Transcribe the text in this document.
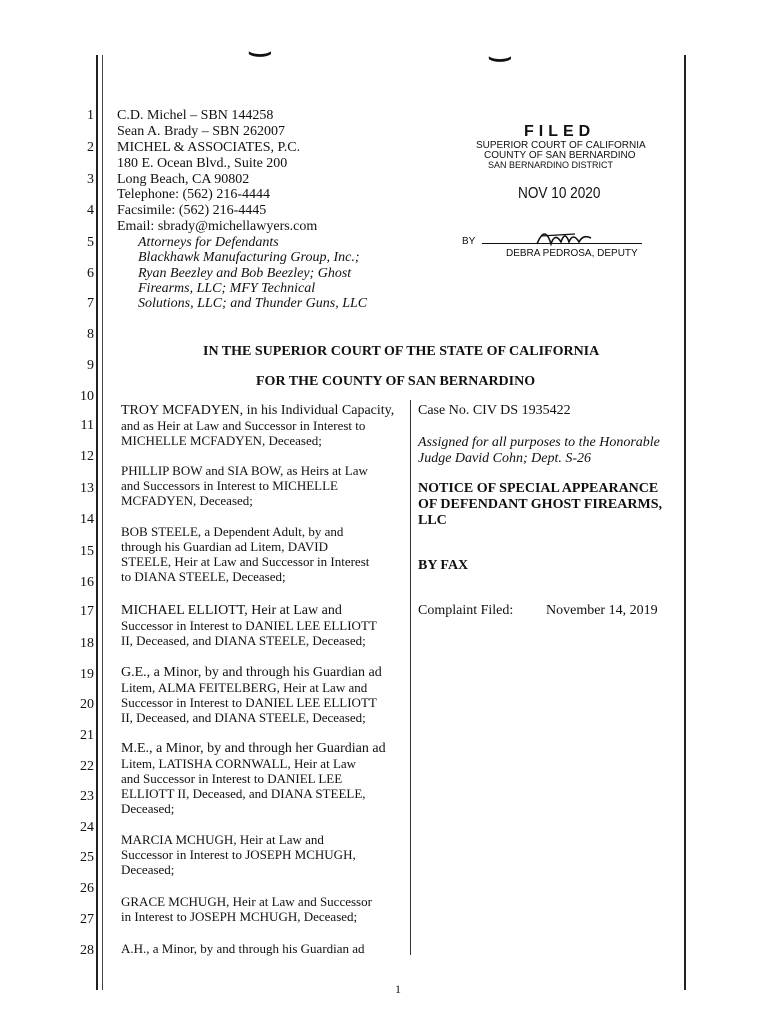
⌣	⌣
1
2
3
4
5
6
7
8
9
10
11
12
13
14
15
16
17
18
19
20
21
22
23
24
25
26
27
28
C.D. Michel – SBN 144258
Sean A. Brady – SBN 262007
MICHEL & ASSOCIATES, P.C.
180 E. Ocean Blvd., Suite 200
Long Beach, CA 90802
Telephone: (562) 216-4444
Facsimile: (562) 216-4445
Email: sbrady@michellawyers.com
Attorneys for Defendants
Blackhawk Manufacturing Group, Inc.;
Ryan Beezley and Bob Beezley; Ghost
Firearms, LLC; MFY Technical
Solutions, LLC; and Thunder Guns, LLC
FILED
SUPERIOR COURT OF CALIFORNIA
COUNTY OF SAN BERNARDINO
SAN BERNARDINO DISTRICT
NOV 10 2020
BY
DEBRA PEDROSA, DEPUTY
IN THE SUPERIOR COURT OF THE STATE OF CALIFORNIA
FOR THE COUNTY OF SAN BERNARDINO
TROY MCFADYEN, in his Individual Capacity,
and as Heir at Law and Successor in Interest to
MICHELLE MCFADYEN, Deceased;
PHILLIP BOW and SIA BOW, as Heirs at Law
and Successors in Interest to MICHELLE
MCFADYEN, Deceased;
BOB STEELE, a Dependent Adult, by and
through his Guardian ad Litem, DAVID
STEELE, Heir at Law and Successor in Interest
to DIANA STEELE, Deceased;
MICHAEL ELLIOTT, Heir at Law and
Successor in Interest to DANIEL LEE ELLIOTT
II, Deceased, and DIANA STEELE, Deceased;
G.E., a Minor, by and through his Guardian ad
Litem, ALMA FEITELBERG, Heir at Law and
Successor in Interest to DANIEL LEE ELLIOTT
II, Deceased, and DIANA STEELE, Deceased;
M.E., a Minor, by and through her Guardian ad
Litem, LATISHA CORNWALL, Heir at Law
and Successor in Interest to DANIEL LEE
ELLIOTT II, Deceased, and DIANA STEELE,
Deceased;
MARCIA MCHUGH, Heir at Law and
Successor in Interest to JOSEPH MCHUGH,
Deceased;
GRACE MCHUGH, Heir at Law and Successor
in Interest to JOSEPH MCHUGH, Deceased;
A.H., a Minor, by and through his Guardian ad
Case No. CIV DS 1935422
Assigned for all purposes to the Honorable
Judge David Cohn; Dept. S-26
NOTICE OF SPECIAL APPEARANCE
OF DEFENDANT GHOST FIREARMS,
LLC
BY FAX
Complaint Filed: November 14, 2019
1
